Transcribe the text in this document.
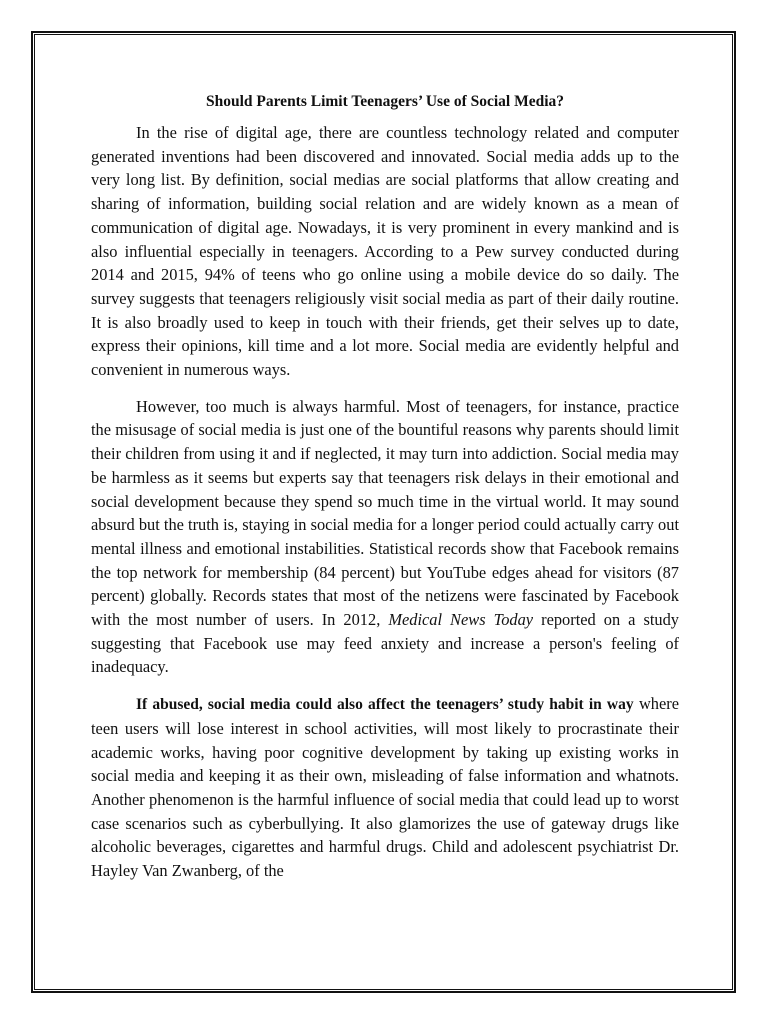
Should Parents Limit Teenagers’ Use of Social Media?

In the rise of digital age, there are countless technology related and computer generated inventions had been discovered and innovated. Social media adds up to the very long list. By definition, social medias are social platforms that allow creating and sharing of information, building social relation and are widely known as a mean of communication of digital age. Nowadays, it is very prominent in every mankind and is also influential especially in teenagers. According to a Pew survey conducted during 2014 and 2015, 94% of teens who go online using a mobile device do so daily. The survey suggests that teenagers religiously visit social media as part of their daily routine. It is also broadly used to keep in touch with their friends, get their selves up to date, express their opinions, kill time and a lot more. Social media are evidently helpful and convenient in numerous ways.

However, too much is always harmful. Most of teenagers, for instance, practice the misusage of social media is just one of the bountiful reasons why parents should limit their children from using it and if neglected, it may turn into addiction. Social media may be harmless as it seems but experts say that teenagers risk delays in their emotional and social development because they spend so much time in the virtual world. It may sound absurd but the truth is, staying in social media for a longer period could actually carry out mental illness and emotional instabilities. Statistical records show that Facebook remains the top network for membership (84 percent) but YouTube edges ahead for visitors (87 percent) globally. Records states that most of the netizens were fascinated by Facebook with the most number of users. In 2012, Medical News Today reported on a study suggesting that Facebook use may feed anxiety and increase a person's feeling of inadequacy.

If abused, social media could also affect the teenagers’ study habit in way where teen users will lose interest in school activities, will most likely to procrastinate their academic works, having poor cognitive development by taking up existing works in social media and keeping it as their own, misleading of false information and whatnots. Another phenomenon is the harmful influence of social media that could lead up to worst case scenarios such as cyberbullying. It also glamorizes the use of gateway drugs like alcoholic beverages, cigarettes and harmful drugs. Child and adolescent psychiatrist Dr. Hayley Van Zwanberg, of the
